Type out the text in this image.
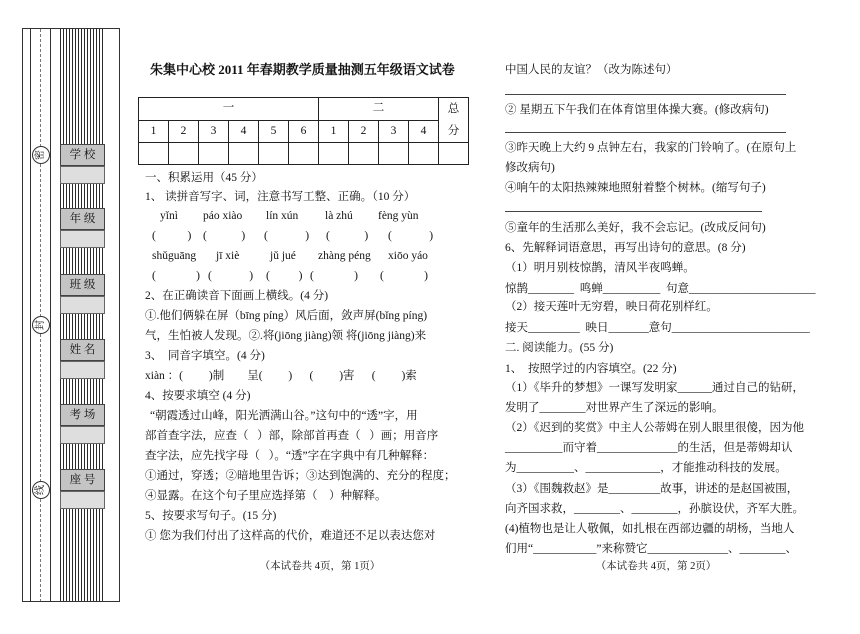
密
封
线
学 校
年 级
班 级
姓 名
考 场
座 号
朱集中心校 2011 年春期教学质量抽测五年级语文试卷
一						二				总
分

1	2	3	4	5	6	1	2	3	4	

一、积累运用（45 分）
1、 读拼音写字、词，注意书写工整、正确。（10 分）
yǐnì páo xiào lín xún là zhú fèng yùn
(           ) (            ) (             ) (            ) (             )
shǔguāng jī xiè	jǔ jué zhàng péng xiōo yáo
(              ) (             ) (          ) (              ) (              )
2、在正确读音下面画上横线。(4 分)
①.他们俩躲在屏（bīng píng）风后面，敛声屏(bǐng píng)
气，生怕被人发现。②.将(jiōng jiàng)领 将(jiōng jiàng)来
3、  同音字填空。(4 分)
xiàn ：(         )制        呈(         )      (         )害      (         )索
4、按要求填空 (4 分)
“朝霞透过山峰，阳光洒满山谷。”这句中的“透”字，用
部首查字法，应查（   ）部，除部首再查（   ）画；用音序
查字法，应先找字母（   ）。“透”字在字典中有几种解释：
①通过，穿透；②暗地里告诉；③达到饱满的、充分的程度；
④显露。在这个句子里应选择第（    ）种解释。
5、按要求写句子。(15 分)
① 您为我们付出了这样高的代价，难道还不足以表达您对
（本试卷共 4页，第 1页）
中国人民的友谊？（改为陈述句）
② 星期五下午我们在体育馆里体操大赛。(修改病句)
③昨天晚上大约 9 点钟左右，我家的门铃响了。(在原句上
修改病句)
④响午的太阳热辣辣地照射着整个树林。(缩写句子)
⑤童年的生活那么美好，我不会忘记。(改成反问句)
6、先解释词语意思，再写出诗句的意思。(8 分)
（1）明月别枝惊鹊，清风半夜鸣蝉。
惊鹊________  鸣蝉__________  句意______________________
（2）接天莲叶无穷碧，映日荷花别样红。
接天_________  映日_______意句________________________
二. 阅读能力。(55 分)
1、  按照学过的内容填空。(22 分)
（1）《毕升的梦想》一课写发明家______通过自己的钻研，
发明了________对世界产生了深远的影响。
（2）《迟到的奖赏》中主人公蒂姆在别人眼里很傻，因为他
__________而守着______________的生活，但是蒂姆却认
为__________、_____________，才能推动科技的发展。
（3）《围魏救赵》是_________故事，讲述的是赵国被围，
向齐国求救，________、________，孙膑设伏，齐军大胜。
(4)植物也是让人敬佩，如扎根在西部边疆的胡杨，当地人
们用“___________”来称赞它______________、________、
（本试卷共 4页，第 2页）
